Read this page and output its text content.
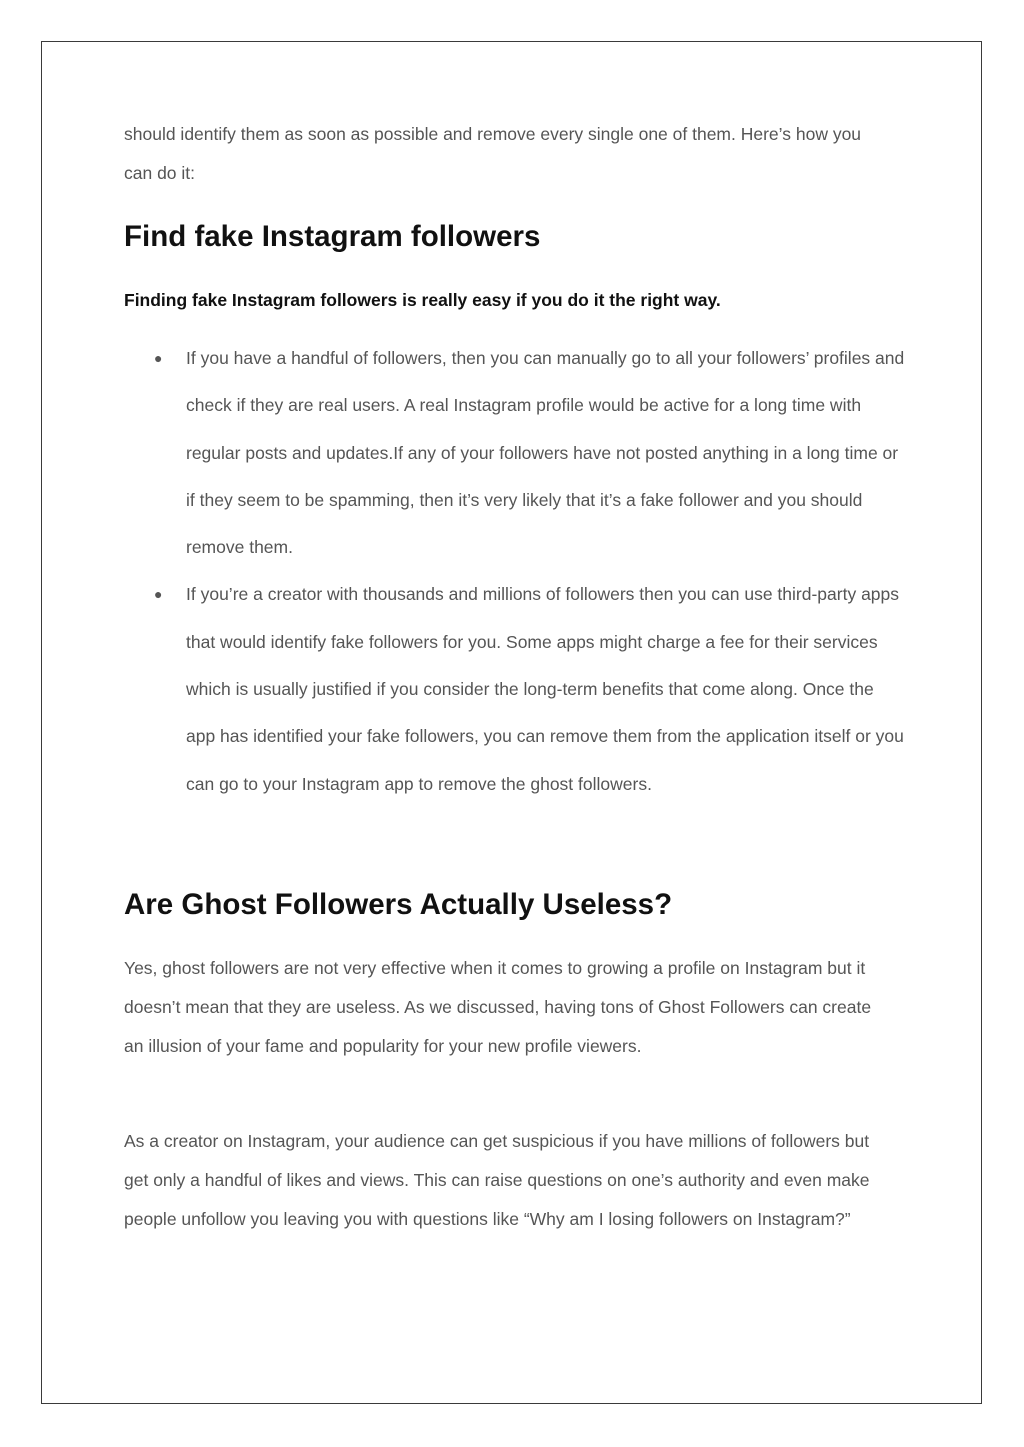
should identify them as soon as possible and remove every single one of them. Here’s how you can do it:

Find fake Instagram followers

Finding fake Instagram followers is really easy if you do it the right way.

● If you have a handful of followers, then you can manually go to all your followers’ profiles and check if they are real users. A real Instagram profile would be active for a long time with regular posts and updates.If any of your followers have not posted anything in a long time or if they seem to be spamming, then it’s very likely that it’s a fake follower and you should remove them.
● If you’re a creator with thousands and millions of followers then you can use third-party apps that would identify fake followers for you. Some apps might charge a fee for their services which is usually justified if you consider the long-term benefits that come along. Once the app has identified your fake followers, you can remove them from the application itself or you can go to your Instagram app to remove the ghost followers.
Are Ghost Followers Actually Useless?

Yes, ghost followers are not very effective when it comes to growing a profile on Instagram but it doesn’t mean that they are useless. As we discussed, having tons of Ghost Followers can create an illusion of your fame and popularity for your new profile viewers.

As a creator on Instagram, your audience can get suspicious if you have millions of followers but get only a handful of likes and views. This can raise questions on one’s authority and even make people unfollow you leaving you with questions like “Why am I losing followers on Instagram?”
